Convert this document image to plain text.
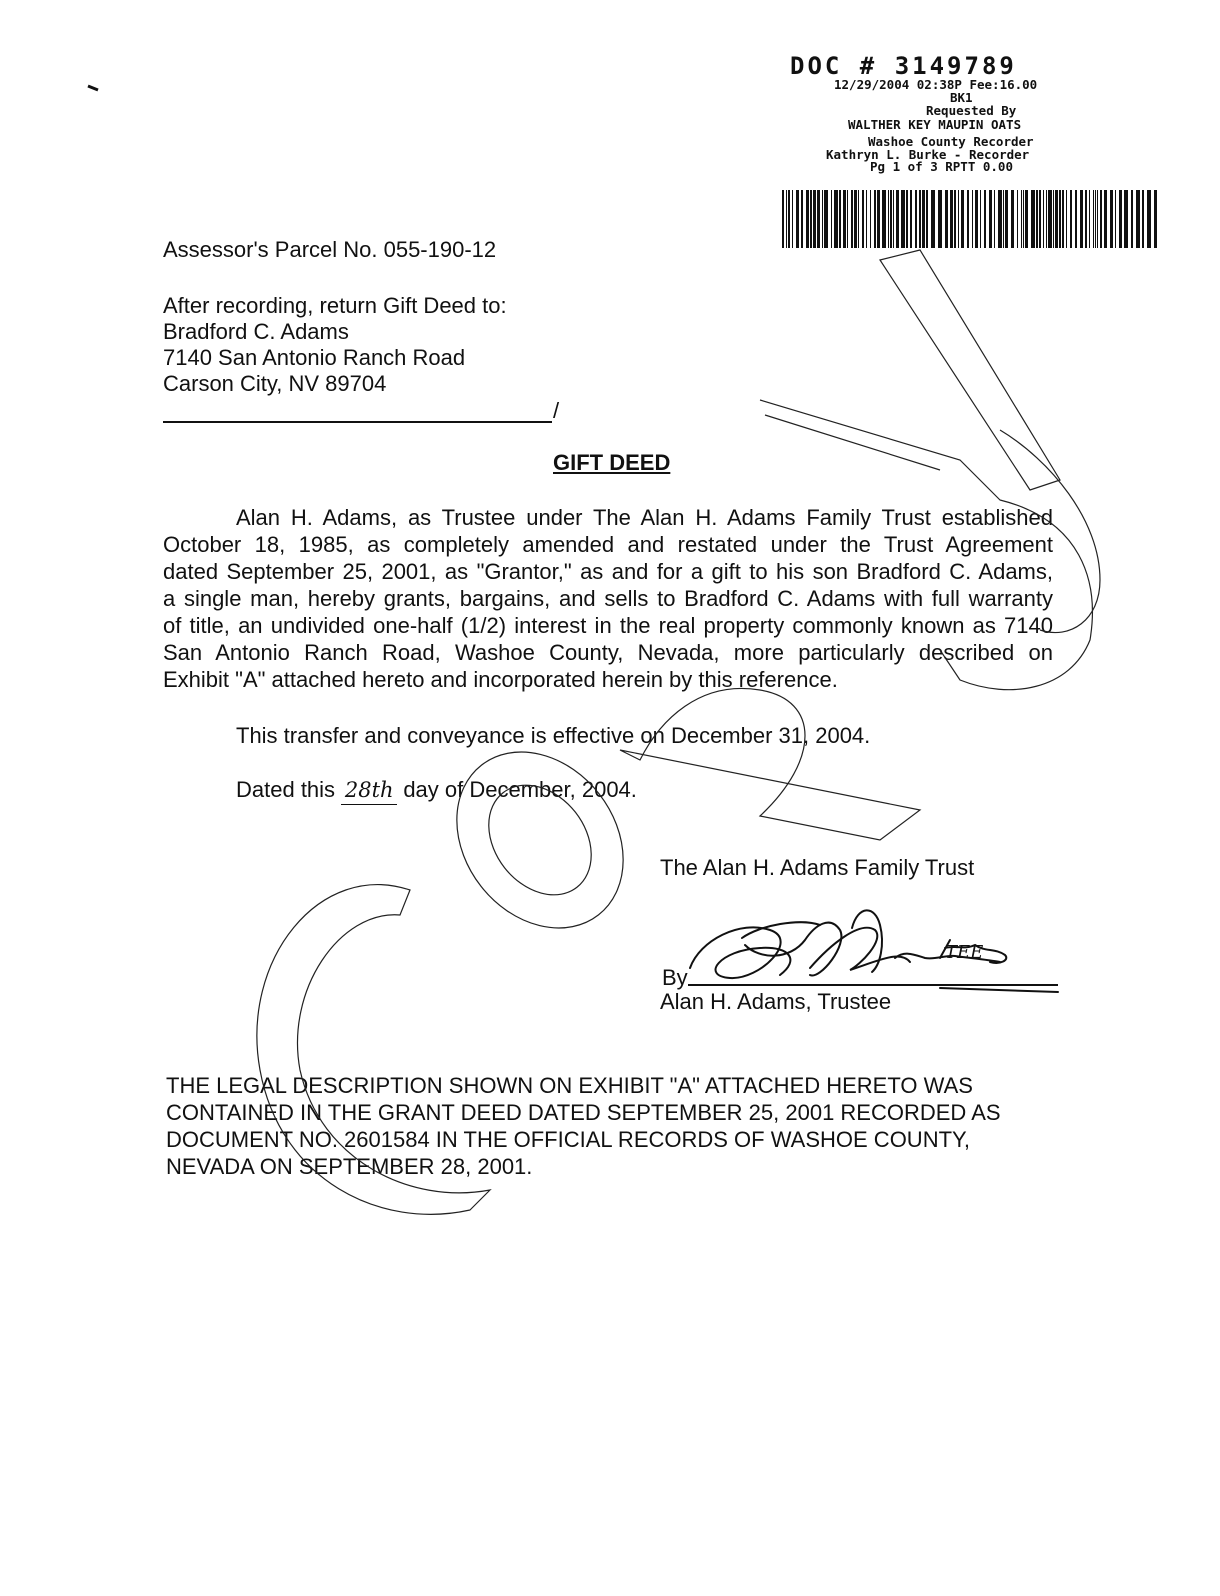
DOC # 3149789
12/29/2004 02:38P Fee:16.00
BK1
Requested By
WALTHER KEY MAUPIN OATS
Washoe County Recorder
Kathryn L. Burke - Recorder
Pg 1 of 3 RPTT 0.00
Assessor's Parcel No. 055-190-12
After recording, return Gift Deed to:
Bradford C. Adams
7140 San Antonio Ranch Road
Carson City, NV 89704
/
GIFT DEED
Alan H. Adams, as Trustee under The Alan H. Adams Family Trust established
October 18, 1985, as completely amended and restated under the Trust Agreement
dated September 25, 2001, as "Grantor," as and for a gift to his son Bradford C. Adams,
a single man, hereby grants, bargains, and sells to Bradford C. Adams with full warranty
of title, an undivided one-half (1/2) interest in the real property commonly known as 7140
San Antonio Ranch Road, Washoe County, Nevada, more particularly described on
Exhibit "A" attached hereto and incorporated herein by this reference.
This transfer and conveyance is effective on December 31, 2004.
Dated this 28th day of December, 2004.
The Alan H. Adams Family Trust
By
Alan H. Adams, Trustee
THE LEGAL DESCRIPTION SHOWN ON EXHIBIT "A" ATTACHED HERETO WAS
CONTAINED IN THE GRANT DEED DATED SEPTEMBER 25, 2001 RECORDED AS
DOCUMENT NO. 2601584 IN THE OFFICIAL RECORDS OF WASHOE COUNTY,
NEVADA ON SEPTEMBER 28, 2001.
TEE
